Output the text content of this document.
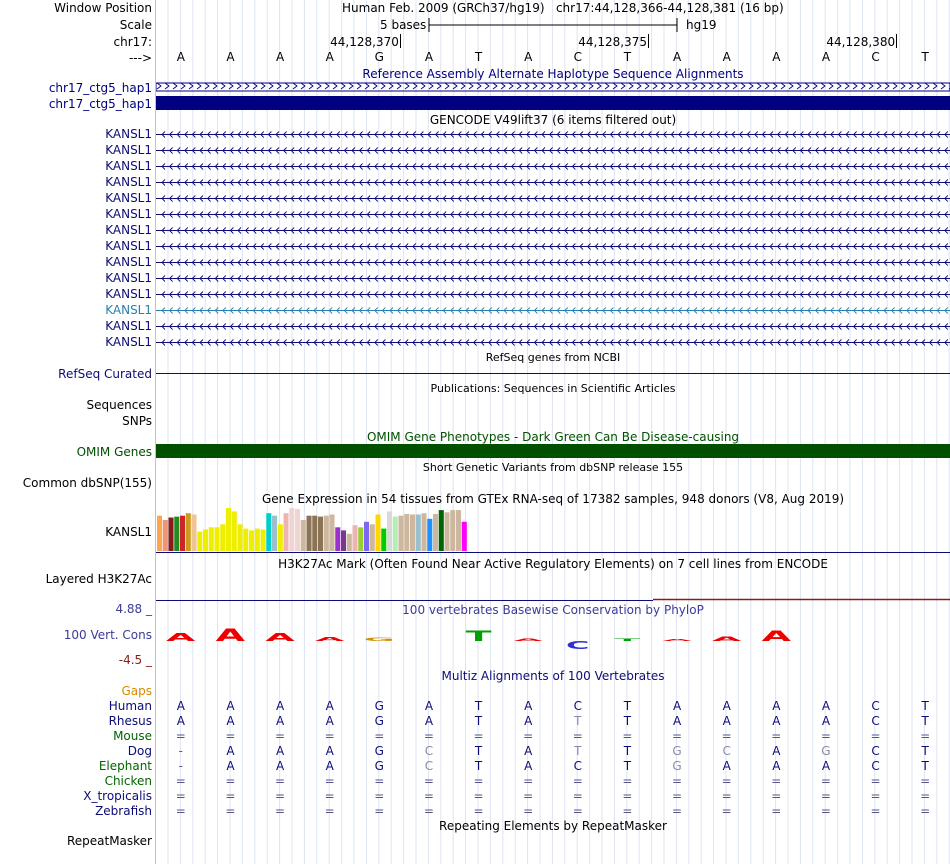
Window Position
Scale
chr17:
--->
Human Feb. 2009 (GRCh37/hg19)   chr17:44,128,366-44,128,381 (16 bp)
5 bases	hg19
44,128,370	44,128,375	44,128,380
A	A	A	A	G	A	T	A	C	T	A	A	A	A	C	T
Reference Assembly Alternate Haplotype Sequence Alignments
chr17_ctg5_hap1
chr17_ctg5_hap1
GENCODE V49lift37 (6 items filtered out)
KANSL1
KANSL1
KANSL1
KANSL1
KANSL1
KANSL1
KANSL1
KANSL1
KANSL1
KANSL1
KANSL1
KANSL1
KANSL1
KANSL1
RefSeq genes from NCBI
RefSeq Curated
Publications: Sequences in Scientific Articles
Sequences
SNPs
OMIM Gene Phenotypes - Dark Green Can Be Disease-causing
OMIM Genes
Short Genetic Variants from dbSNP release 155
Common dbSNP(155)
Gene Expression in 54 tissues from GTEx RNA-seq of 17382 samples, 948 donors (V8, Aug 2019)
KANSL1
H3K27Ac Mark (Often Found Near Active Regulatory Elements) on 7 cell lines from ENCODE
Layered H3K27Ac
100 vertebrates Basewise Conservation by PhyloP
4.88 _
100 Vert. Cons
-4.5 _
A A A A G	T A C T A A A
Multiz Alignments of 100 Vertebrates
Gaps
Human A	A	A	A	G	A	T	A	C	T	A	A	A	A	C	T
Rhesus A	A	A	A	G	A	T	A	T	T	A	A	A	A	C	T
Mouse =	=	=	=	=	=	=	=	=	=	=	=	=	=	=	=
Dog	-	A	A	A	G	C	T	A	T	T	G	C	A	G	C	T
Elephant	-	A	A	A	G	C	T	A	C	T	G	A	A	A	C	T
Chicken =	=	=	=	=	=	=	=	=	=	=	=	=	=	=	=
X_tropicalis =	=	=	=	=	=	=	=	=	=	=	=	=	=	=	=
Zebrafish =	=	=	=	=	=	=	=	=	=	=	=	=	=	=	=
Repeating Elements by RepeatMasker
RepeatMasker
